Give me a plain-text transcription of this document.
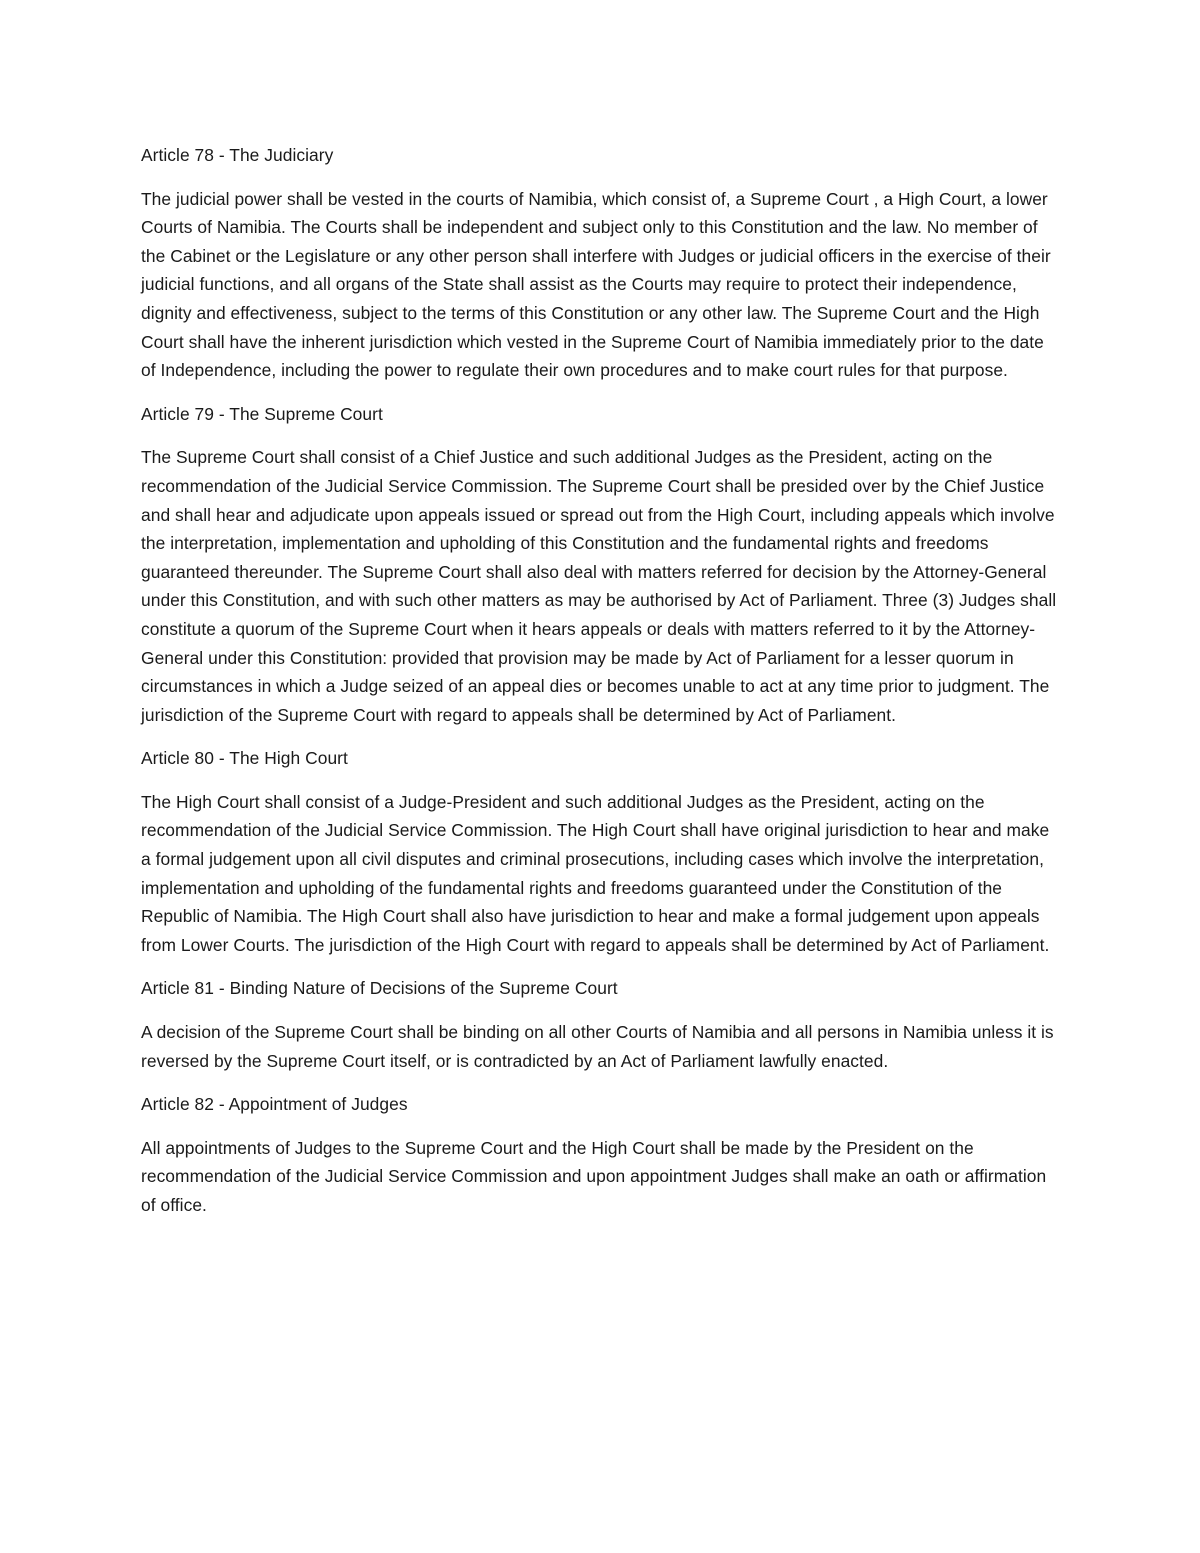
Article 78 - The Judiciary
The judicial power shall be vested in the courts of Namibia, which consist of, a Supreme Court , a High Court, a lower Courts of Namibia. The Courts shall be independent and subject only to this Constitution and the law. No member of the Cabinet or the Legislature or any other person shall interfere with Judges or judicial officers in the exercise of their judicial functions, and all organs of the State shall assist as the Courts may require to protect their independence, dignity and effectiveness, subject to the terms of this Constitution or any other law. The Supreme Court and the High Court shall have the inherent jurisdiction which vested in the Supreme Court of Namibia immediately prior to the date of Independence, including the power to regulate their own procedures and to make court rules for that purpose.
Article 79 - The Supreme Court
The Supreme Court shall consist of a Chief Justice and such additional Judges as the President, acting on the recommendation of the Judicial Service Commission. The Supreme Court shall be presided over by the Chief Justice and shall hear and adjudicate upon appeals issued or spread out from the High Court, including appeals which involve the interpretation, implementation and upholding of this Constitution and the fundamental rights and freedoms guaranteed thereunder. The Supreme Court shall also deal with matters referred for decision by the Attorney-General under this Constitution, and with such other matters as may be authorised by Act of Parliament. Three (3) Judges shall constitute a quorum of the Supreme Court when it hears appeals or deals with matters referred to it by the Attorney-General under this Constitution: provided that provision may be made by Act of Parliament for a lesser quorum in circumstances in which a Judge seized of an appeal dies or becomes unable to act at any time prior to judgment. The jurisdiction of the Supreme Court with regard to appeals shall be determined by Act of Parliament.
Article 80 - The High Court
The High Court shall consist of a Judge-President and such additional Judges as the President, acting on the recommendation of the Judicial Service Commission. The High Court shall have original jurisdiction to hear and make a formal judgement upon all civil disputes and criminal prosecutions, including cases which involve the interpretation, implementation and upholding of the fundamental rights and freedoms guaranteed under the Constitution of the Republic of Namibia. The High Court shall also have jurisdiction to hear and make a formal judgement upon appeals from Lower Courts. The jurisdiction of the High Court with regard to appeals shall be determined by Act of Parliament.
Article 81 - Binding Nature of Decisions of the Supreme Court
A decision of the Supreme Court shall be binding on all other Courts of Namibia and all persons in Namibia unless it is reversed by the Supreme Court itself, or is contradicted by an Act of Parliament lawfully enacted.
Article 82 - Appointment of Judges
All appointments of Judges to the Supreme Court and the High Court shall be made by the President on the recommendation of the Judicial Service Commission and upon appointment Judges shall make an oath or affirmation of office.
